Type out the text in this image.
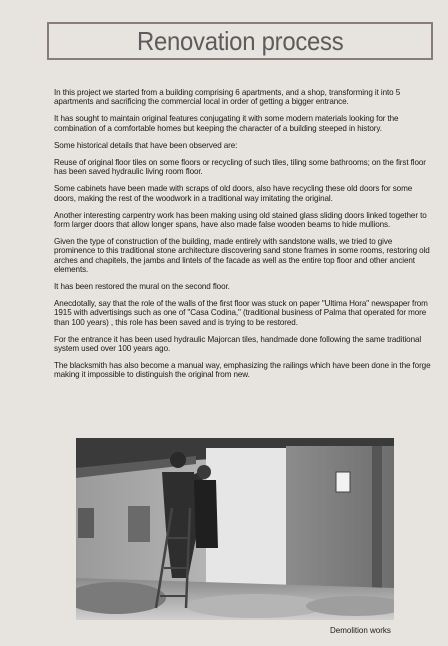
Renovation process

In this project we started from a building comprising 6 apartments, and a shop, transforming it into 5 apartments and sacrificing the commercial local in order of getting a bigger entrance.

It has sought to maintain original features conjugating it with some modern materials looking for the combination of a comfortable homes but keeping the character of a building steeped in history.

Some historical details that have been observed are:

Reuse of original floor tiles on some floors or recycling of such tiles, tiling some bathrooms; on the first floor has been saved hydraulic living room floor.

Some cabinets have been made with scraps of old doors, also have recycling these old doors for some doors, making the rest of the woodwork in a traditional way imitating the original.

Another interesting carpentry work has been making using old stained glass sliding doors linked together to form larger doors that allow longer spans, have also made false wooden beams to hide mullions.

Given the type of construction of the building, made entirely with sandstone walls, we tried to give prominence to this traditional stone architecture discovering sand stone frames in some rooms, restoring old arches and chapitels, the jambs and lintels of the facade as well as the entire top floor and other ancient elements.

It has been restored the mural on the second floor.

Anecdotally, say that the role of the walls of the first floor was stuck on paper "Ultima Hora" newspaper from 1915 with advertisings such as one of "Casa Codina," (traditional business of Palma that operated for more than 100 years) , this role has been saved and is trying to be restored.

For the entrance it has been used hydraulic Majorcan tiles, handmade done following the same traditional system used over 100 years ago.

The blacksmith has also become a manual way, emphasizing the railings which have been done in the forge making it impossible to distinguish the original from new.

Demolition works
